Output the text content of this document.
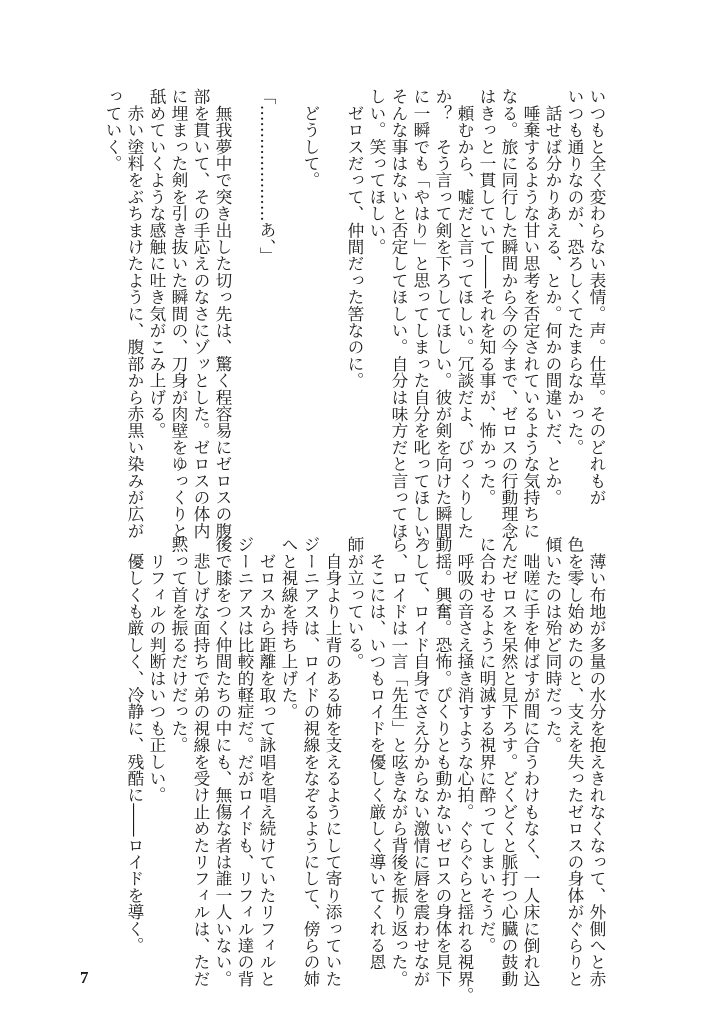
いつもと全く変わらない表情。声。仕草。そのどれもが
いつも通りなのが、恐ろしくてたまらなかった。
　話せば分かりあえる、とか。何かの間違いだ、とか。
　唾棄するような甘い思考を否定されているような気持ちに
なる。旅に同行した瞬間から今の今まで、ゼロスの行動理念
はきっと一貫していて――それを知る事が、怖かった。
　頼むから、嘘だと言ってほしい。冗談だよ、びっくりした
か？　そう言って剣を下ろしてほしい。彼が剣を向けた瞬間
に一瞬でも「やはり」と思ってしまった自分を叱ってほしい。
そんな事はないと否定してほしい。自分は味方だと言ってほ
しい。笑ってほしい。
　ゼロスだって、仲間だった筈なのに。
　どうして。
「…………………あ、」
　無我夢中で突き出した切っ先は、驚く程容易にゼロスの腹
部を貫いて、その手応えのなさにゾッとした。ゼロスの体内
に埋まった剣を引き抜いた瞬間の、刀身が肉壁をゆっくりと
舐めていくような感触に吐き気がこみ上げる。
　赤い塗料をぶちまけたように、腹部から赤黒い染みが広が
っていく。
　薄い布地が多量の水分を抱えきれなくなって、外側へと赤
色を零し始めたのと、支えを失ったゼロスの身体がぐらりと
傾いたのは殆ど同時だった。
　咄嗟に手を伸ばすが間に合うわけもなく、一人床に倒れ込
んだゼロスを呆然と見下ろす。どくどくと脈打つ心臓の鼓動
に合わせるように明滅する視界に酔ってしまいそうだ。
　呼吸の音さえ掻き消すような心拍。ぐらぐらと揺れる視界。
動揺。興奮。恐怖。ぴくりとも動かないゼロスの身体を見下
ろして、ロイド自身でさえ分からない激情に唇を震わせなが
ら、ロイドは一言「先生」と呟きながら背後を振り返った。
　そこには、いつもロイドを優しく厳しく導いてくれる恩
師が立っている。
　自身より上背のある姉を支えるようにして寄り添っていた
ジーニアスは、ロイドの視線をなぞるようにして、傍らの姉
へと視線を持ち上げた。
　ゼロスから距離を取って詠唱を唱え続けていたリフィルと
ジーニアスは比較的軽症だ。だがロイドも、リフィル達の背
後で膝をつく仲間たちの中にも、無傷な者は誰一人いない。
　悲しげな面持ちで弟の視線を受け止めたリフィルは、ただ
黙って首を振るだけだった。
　リフィルの判断はいつも正しい。
　優しくも厳しく、冷静に、残酷に――ロイドを導く。
7
